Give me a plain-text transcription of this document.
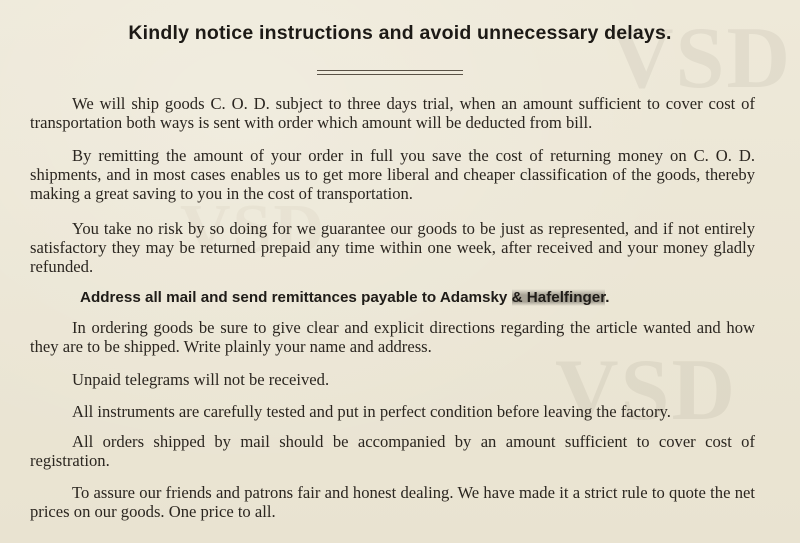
VSD
VSD
VSD
Kindly notice instructions and avoid unnecessary delays.
We will ship goods C. O. D. subject to three days trial, when an amount sufficient to cover cost of transportation both ways is sent with order which amount will be deducted from bill.
By remitting the amount of your order in full you save the cost of returning money on C. O. D. shipments, and in most cases enables us to get more liberal and cheaper classification of the goods, thereby making a great saving to you in the cost of transportation.
You take no risk by so doing for we guarantee our goods to be just as represented, and if not entirely satisfactory they may be returned prepaid any time within one week, after received and your money gladly refunded.
Address all mail and send remittances payable to Adamsky & Hafelfinger.
In ordering goods be sure to give clear and explicit directions regarding the article wanted and how they are to be shipped. Write plainly your name and address.
Unpaid telegrams will not be received.
All instruments are carefully tested and put in perfect condition before leaving the factory.
All orders shipped by mail should be accompanied by an amount sufficient to cover cost of registration.
To assure our friends and patrons fair and honest dealing. We have made it a strict rule to quote the net prices on our goods. One price to all.
